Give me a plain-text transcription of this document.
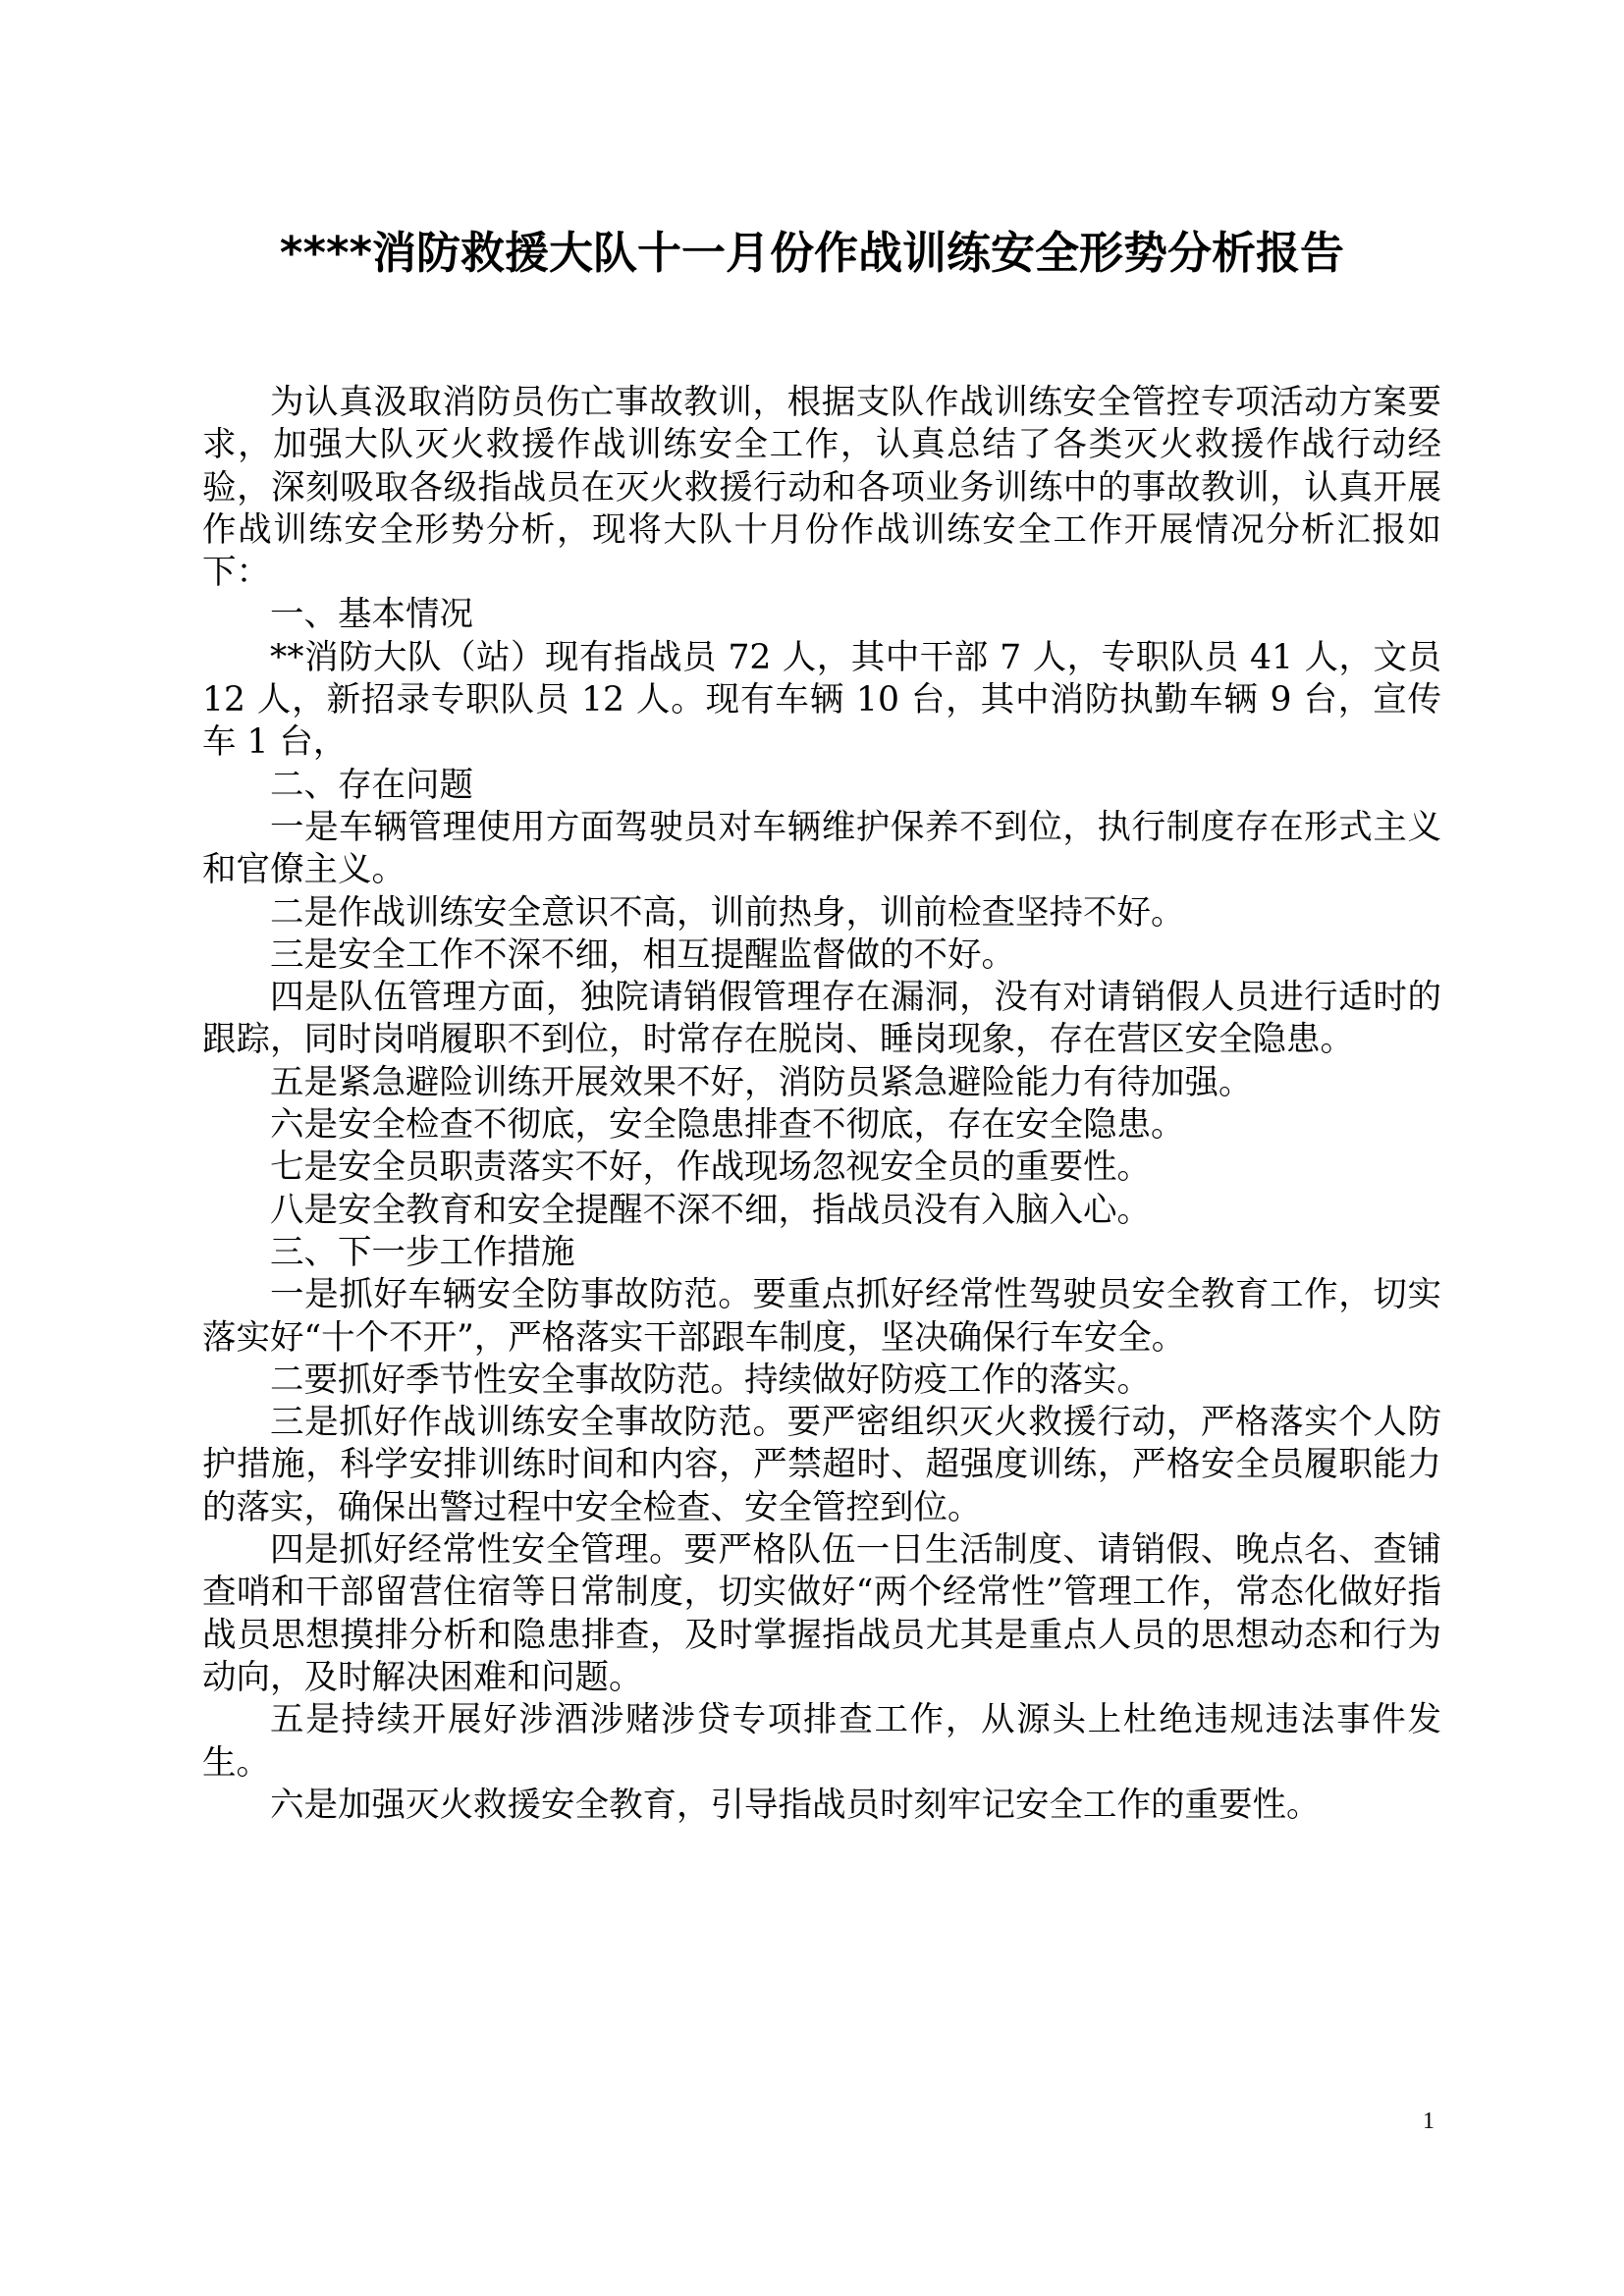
****消防救援大队十一月份作战训练安全形势分析报告

为认真汲取消防员伤亡事故教训，根据支队作战训练安全管控专项活动方案要求，加强大队灭火救援作战训练安全工作，认真总结了各类灭火救援作战行动经验，深刻吸取各级指战员在灭火救援行动和各项业务训练中的事故教训，认真开展作战训练安全形势分析，现将大队十月份作战训练安全工作开展情况分析汇报如下：

一、基本情况

**消防大队（站）现有指战员 72 人，其中干部 7 人，专职队员 41 人，文员 12 人，新招录专职队员 12 人。现有车辆 10 台，其中消防执勤车辆 9 台，宣传车 1 台，

二、存在问题

一是车辆管理使用方面驾驶员对车辆维护保养不到位，执行制度存在形式主义和官僚主义。

二是作战训练安全意识不高，训前热身，训前检查坚持不好。

三是安全工作不深不细，相互提醒监督做的不好。

四是队伍管理方面，独院请销假管理存在漏洞，没有对请销假人员进行适时的跟踪，同时岗哨履职不到位，时常存在脱岗、睡岗现象，存在营区安全隐患。

五是紧急避险训练开展效果不好，消防员紧急避险能力有待加强。

六是安全检查不彻底，安全隐患排查不彻底，存在安全隐患。

七是安全员职责落实不好，作战现场忽视安全员的重要性。

八是安全教育和安全提醒不深不细，指战员没有入脑入心。

三、下一步工作措施

一是抓好车辆安全防事故防范。要重点抓好经常性驾驶员安全教育工作，切实落实好“十个不开”，严格落实干部跟车制度，坚决确保行车安全。

二要抓好季节性安全事故防范。持续做好防疫工作的落实。

三是抓好作战训练安全事故防范。要严密组织灭火救援行动，严格落实个人防护措施，科学安排训练时间和内容，严禁超时、超强度训练，严格安全员履职能力的落实，确保出警过程中安全检查、安全管控到位。

四是抓好经常性安全管理。要严格队伍一日生活制度、请销假、晚点名、查铺查哨和干部留营住宿等日常制度，切实做好“两个经常性”管理工作，常态化做好指战员思想摸排分析和隐患排查，及时掌握指战员尤其是重点人员的思想动态和行为动向，及时解决困难和问题。

五是持续开展好涉酒涉赌涉贷专项排查工作，从源头上杜绝违规违法事件发生。

六是加强灭火救援安全教育，引导指战员时刻牢记安全工作的重要性。

1
